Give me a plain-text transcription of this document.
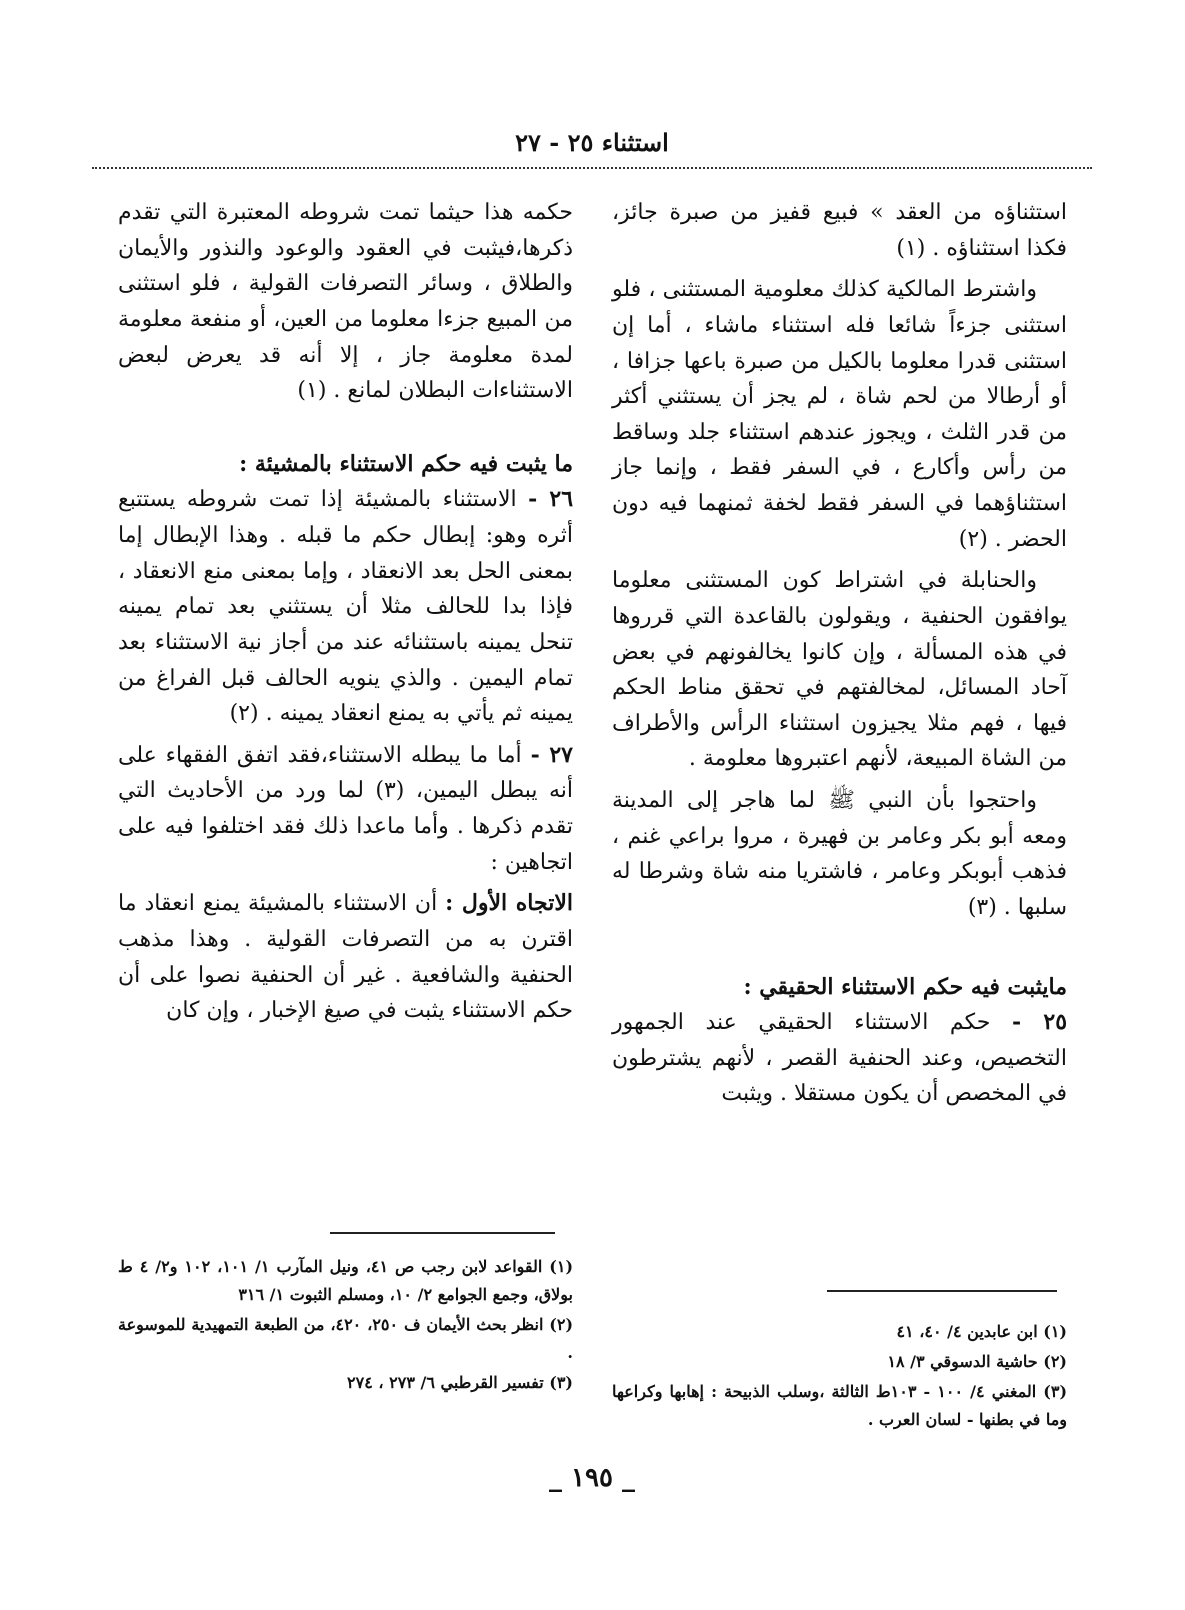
استثناء ٢٥ - ٢٧

استثناؤه من العقد » فبيع قفيز من صبرة جائز، فكذا استثناؤه . (١)

واشترط المالكية كذلك معلومية المستثنى ، فلو استثنى جزءاً شائعا فله استثناء ماشاء ، أما إن استثنى قدرا معلوما بالكيل من صبرة باعها جزافا ، أو أرطالا من لحم شاة ، لم يجز أن يستثني أكثر من قدر الثلث ، ويجوز عندهم استثناء جلد وساقط من رأس وأكارع ، في السفر فقط ، وإنما جاز استثناؤهما في السفر فقط لخفة ثمنهما فيه دون الحضر . (٢)

والحنابلة في اشتراط كون المستثنى معلوما يوافقون الحنفية ، ويقولون بالقاعدة التي قرروها في هذه المسألة ، وإن كانوا يخالفونهم في بعض آحاد المسائل، لمخالفتهم في تحقق مناط الحكم فيها ، فهم مثلا يجيزون استثناء الرأس والأطراف من الشاة المبيعة، لأنهم اعتبروها معلومة .

واحتجوا بأن النبي ﷺ لما هاجر إلى المدينة ومعه أبو بكر وعامر بن فهيرة ، مروا براعي غنم ، فذهب أبوبكر وعامر ، فاشتريا منه شاة وشرطا له سلبها . (٣)

مايثبت فيه حكم الاستثناء الحقيقي :

٢٥ - حكم الاستثناء الحقيقي عند الجمهور التخصيص، وعند الحنفية القصر ، لأنهم يشترطون في المخصص أن يكون مستقلا . ويثبت

حكمه هذا حيثما تمت شروطه المعتبرة التي تقدم ذكرها،فيثبت في العقود والوعود والنذور والأيمان والطلاق ، وسائر التصرفات القولية ، فلو استثنى من المبيع جزءا معلوما من العين، أو منفعة معلومة لمدة معلومة جاز ، إلا أنه قد يعرض لبعض الاستثناءات البطلان لمانع . (١)

ما يثبت فيه حكم الاستثناء بالمشيئة :

٢٦ - الاستثناء بالمشيئة إذا تمت شروطه يستتبع أثره وهو: إبطال حكم ما قبله . وهذا الإبطال إما بمعنى الحل بعد الانعقاد ، وإما بمعنى منع الانعقاد ، فإذا بدا للحالف مثلا أن يستثني بعد تمام يمينه تنحل يمينه باستثنائه عند من أجاز نية الاستثناء بعد تمام اليمين . والذي ينويه الحالف قبل الفراغ من يمينه ثم يأتي به يمنع انعقاد يمينه . (٢)

٢٧ - أما ما يبطله الاستثناء،فقد اتفق الفقهاء على أنه يبطل اليمين، (٣) لما ورد من الأحاديث التي تقدم ذكرها . وأما ماعدا ذلك فقد اختلفوا فيه على اتجاهين :

الاتجاه الأول : أن الاستثناء بالمشيئة يمنع انعقاد ما اقترن به من التصرفات القولية . وهذا مذهب الحنفية والشافعية . غير أن الحنفية نصوا على أن حكم الاستثناء يثبت في صيغ الإخبار ، وإن كان

(١) ابن عابدين ٤/ ٤٠، ٤١

(٢) حاشية الدسوقي ٣/ ١٨

(٣) المغني ٤/ ١٠٠ - ١٠٣ط الثالثة ،وسلب الذبيحة : إهابها وكراعها وما في بطنها - لسان العرب .

(١) القواعد لابن رجب ص ٤١، ونيل المآرب ١/ ١٠١، ١٠٢ و٢/ ٤ ط بولاق، وجمع الجوامع ٢/ ١٠، ومسلم الثبوت ١/ ٣١٦

(٢) انظر بحث الأيمان ف ٢٥٠، ٤٢٠، من الطبعة التمهيدية للموسوعة .

(٣) تفسير القرطبي ٦/ ٢٧٣ ، ٢٧٤

_ ١٩٥ _
